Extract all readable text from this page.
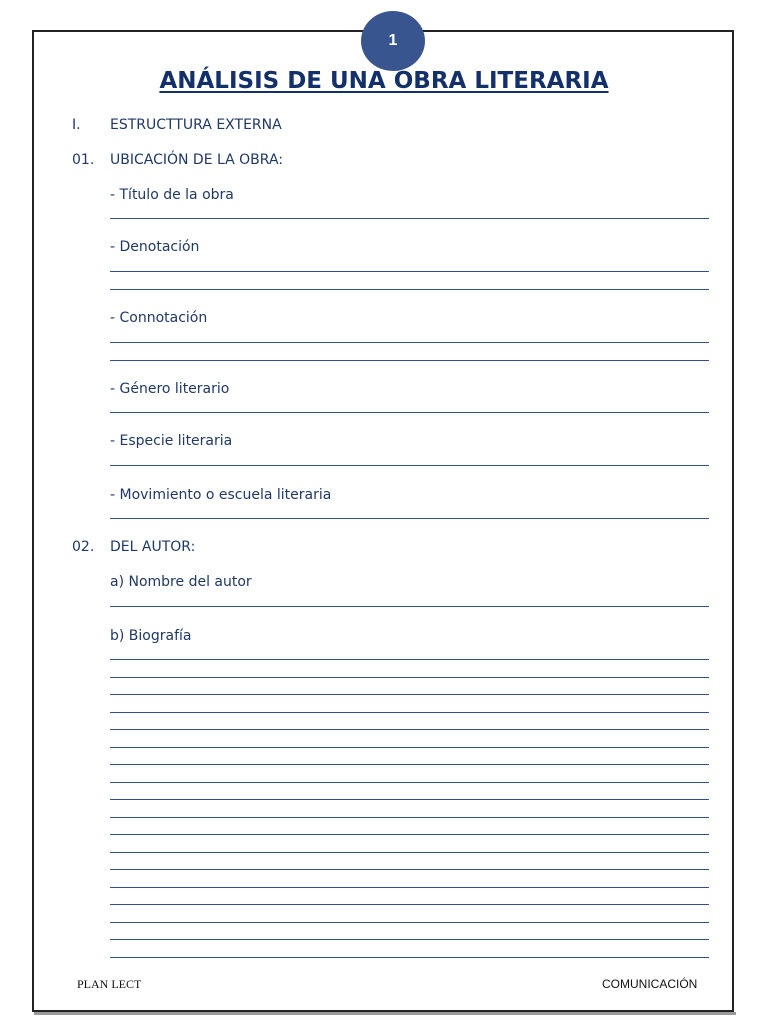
1
ANÁLISIS DE UNA OBRA LITERARIA
I. ESTRUCTTURA EXTERNA
01. UBICACIÓN DE LA OBRA:
- Título de la obra
- Denotación
- Connotación
- Género literario
- Especie literaria
- Movimiento o escuela literaria
02. DEL AUTOR:
a) Nombre del autor
b) Biografía
PLAN LECT	COMUNICACIÓN
